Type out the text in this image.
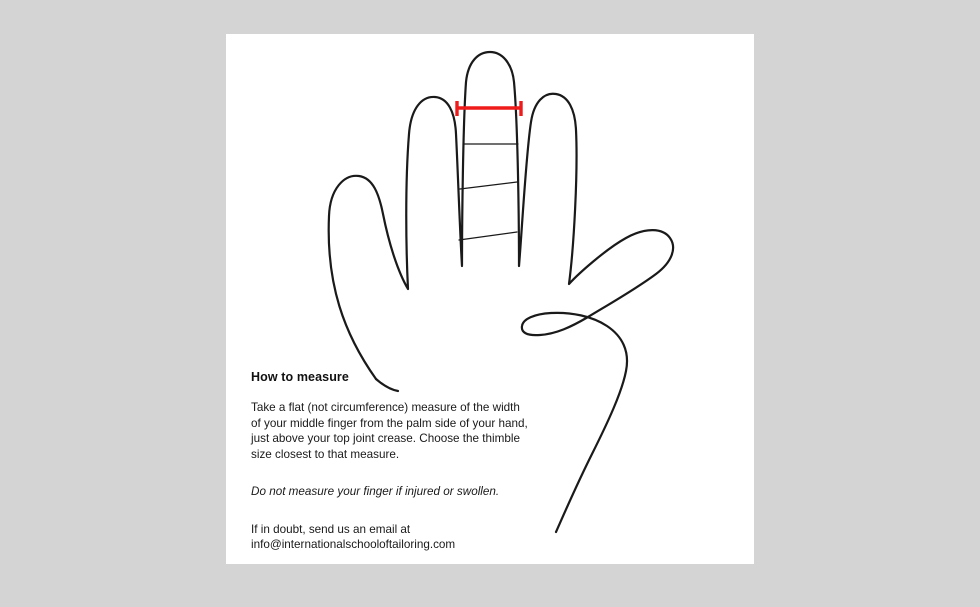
How to measure

Take a flat (not circumference) measure of the width
of your middle finger from the palm side of your hand,
just above your top joint crease. Choose the thimble
size closest to that measure.

Do not measure your finger if injured or swollen.

If in doubt, send us an email at
info@internationalschooloftailoring.com
